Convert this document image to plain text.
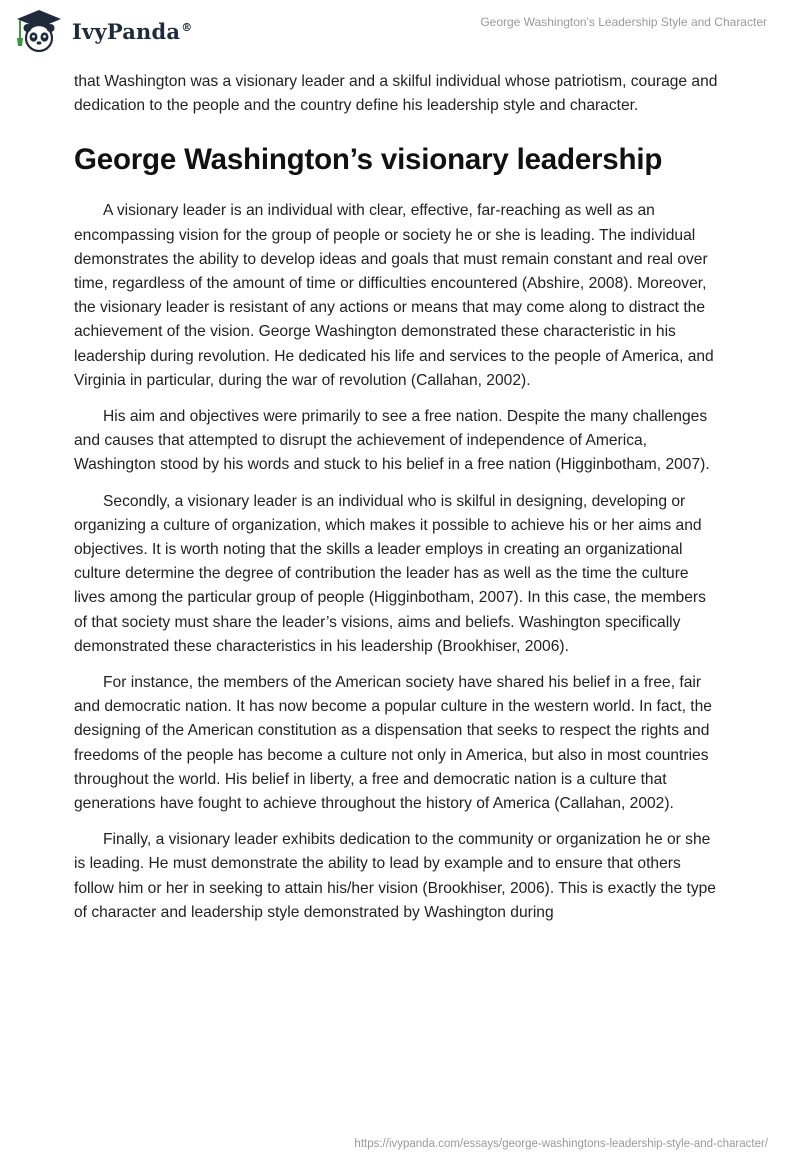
IvyPanda®	George Washington's Leadership Style and Character

that Washington was a visionary leader and a skilful individual whose patriotism, courage and dedication to the people and the country define his leadership style and character.

George Washington’s visionary leadership

A visionary leader is an individual with clear, effective, far-reaching as well as an encompassing vision for the group of people or society he or she is leading. The individual demonstrates the ability to develop ideas and goals that must remain constant and real over time, regardless of the amount of time or difficulties encountered (Abshire, 2008). Moreover, the visionary leader is resistant of any actions or means that may come along to distract the achievement of the vision. George Washington demonstrated these characteristic in his leadership during revolution. He dedicated his life and services to the people of America, and Virginia in particular, during the war of revolution (Callahan, 2002).

His aim and objectives were primarily to see a free nation. Despite the many challenges and causes that attempted to disrupt the achievement of independence of America, Washington stood by his words and stuck to his belief in a free nation (Higginbotham, 2007).

Secondly, a visionary leader is an individual who is skilful in designing, developing or organizing a culture of organization, which makes it possible to achieve his or her aims and objectives. It is worth noting that the skills a leader employs in creating an organizational culture determine the degree of contribution the leader has as well as the time the culture lives among the particular group of people (Higginbotham, 2007). In this case, the members of that society must share the leader’s visions, aims and beliefs. Washington specifically demonstrated these characteristics in his leadership (Brookhiser, 2006).

For instance, the members of the American society have shared his belief in a free, fair and democratic nation. It has now become a popular culture in the western world. In fact, the designing of the American constitution as a dispensation that seeks to respect the rights and freedoms of the people has become a culture not only in America, but also in most countries throughout the world. His belief in liberty, a free and democratic nation is a culture that generations have fought to achieve throughout the history of America (Callahan, 2002).

Finally, a visionary leader exhibits dedication to the community or organization he or she is leading. He must demonstrate the ability to lead by example and to ensure that others follow him or her in seeking to attain his/her vision (Brookhiser, 2006). This is exactly the type of character and leadership style demonstrated by Washington during

https://ivypanda.com/essays/george-washingtons-leadership-style-and-character/
